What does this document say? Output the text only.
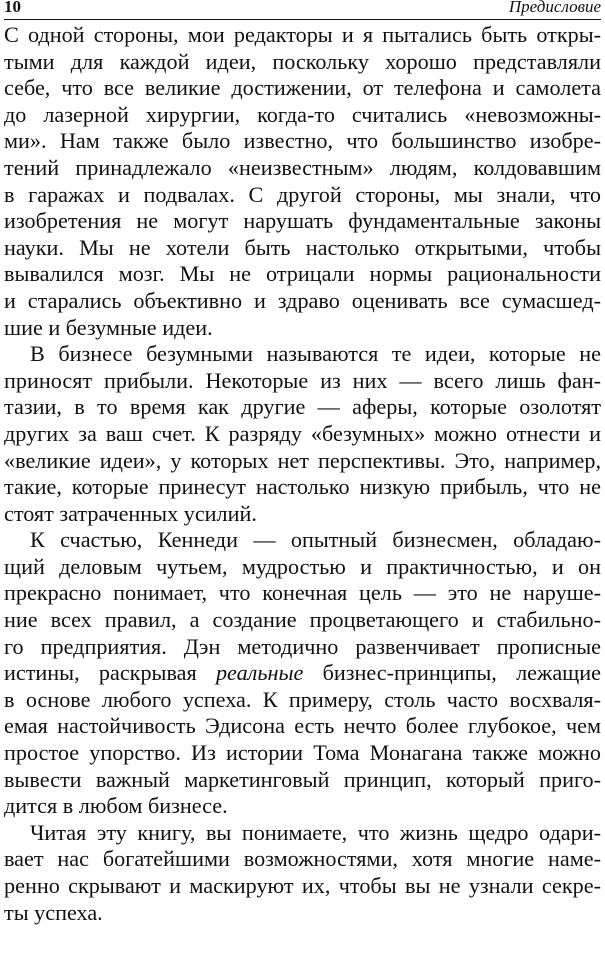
10	Предисловие
С одной стороны, мои редакторы и я пытались быть откры-
тыми для каждой идеи, поскольку хорошо представляли
себе, что все великие достижении, от телефона и самолета
до лазерной хирургии, когда-то считались «невозможны-
ми». Нам также было известно, что большинство изобре-
тений принадлежало «неизвестным» людям, колдовавшим
в гаражах и подвалах. С другой стороны, мы знали, что
изобретения не могут нарушать фундаментальные законы
науки. Мы не хотели быть настолько открытыми, чтобы
вывалился мозг. Мы не отрицали нормы рациональности
и старались объективно и здраво оценивать все сумасшед-
шие и безумные идеи.
В бизнесе безумными называются те идеи, которые не
приносят прибыли. Некоторые из них — всего лишь фан-
тазии, в то время как другие — аферы, которые озолотят
других за ваш счет. К разряду «безумных» можно отнести и
«великие идеи», у которых нет перспективы. Это, например,
такие, которые принесут настолько низкую прибыль, что не
стоят затраченных усилий.
К счастью, Кеннеди — опытный бизнесмен, обладаю-
щий деловым чутьем, мудростью и практичностью, и он
прекрасно понимает, что конечная цель — это не наруше-
ние всех правил, а создание процветающего и стабильно-
го предприятия. Дэн методично развенчивает прописные
истины, раскрывая реальные бизнес-принципы, лежащие
в основе любого успеха. К примеру, столь часто восхваля-
емая настойчивость Эдисона есть нечто более глубокое, чем
простое упорство. Из истории Тома Монагана также можно
вывести важный маркетинговый принцип, который приго-
дится в любом бизнесе.
Читая эту книгу, вы понимаете, что жизнь щедро одари-
вает нас богатейшими возможностями, хотя многие наме-
ренно скрывают и маскируют их, чтобы вы не узнали секре-
ты успеха.
